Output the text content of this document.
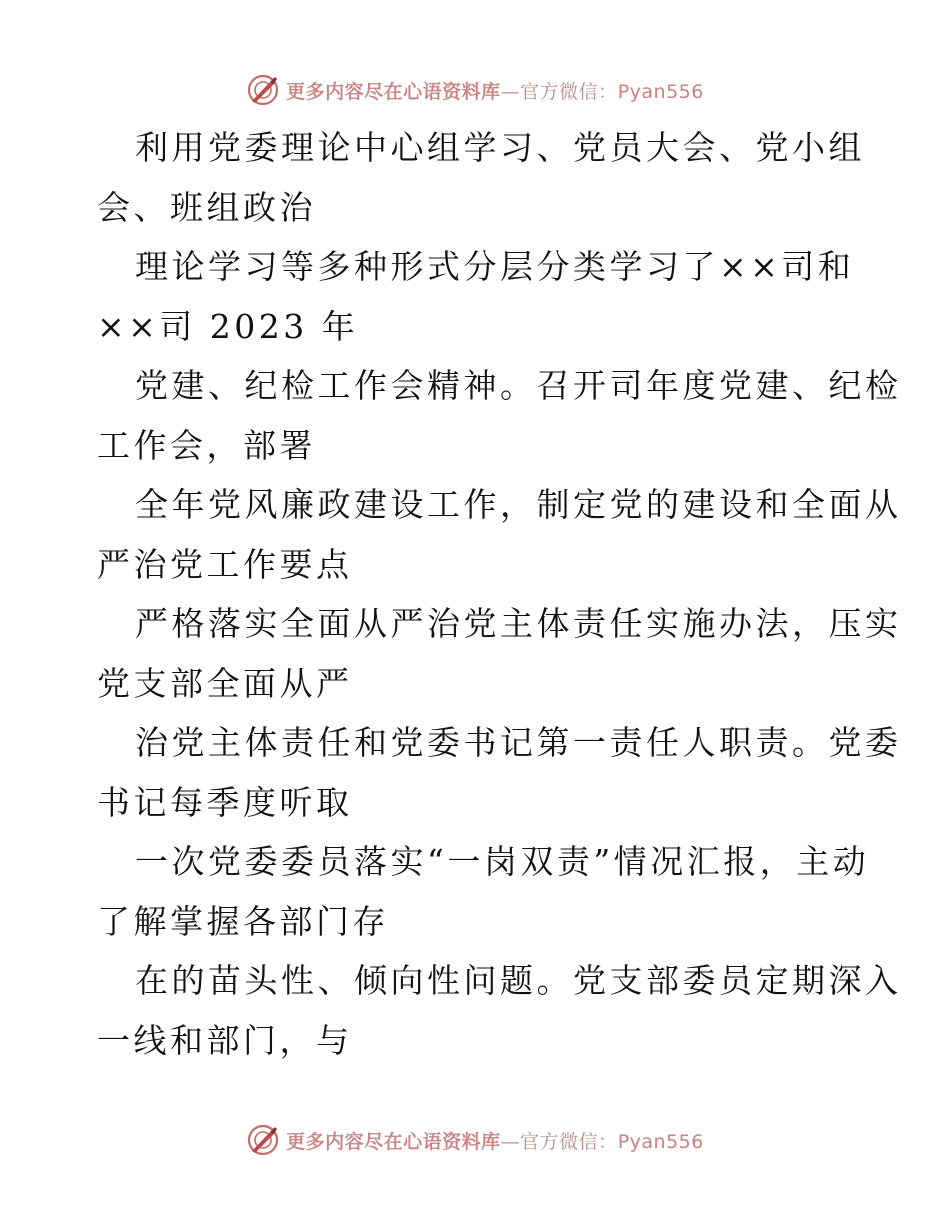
更多内容尽在心语资料库—官方微信：Pyan556
利用党委理论中心组学习、党员大会、党小组
会、班组政治
理论学习等多种形式分层分类学习了××司和
××司 2023 年
党建、纪检工作会精神。召开司年度党建、纪检
工作会，部署
全年党风廉政建设工作，制定党的建设和全面从
严治党工作要点
严格落实全面从严治党主体责任实施办法，压实
党支部全面从严
治党主体责任和党委书记第一责任人职责。党委
书记每季度听取
一次党委委员落实“一岗双责”情况汇报，主动
了解掌握各部门存
在的苗头性、倾向性问题。党支部委员定期深入
一线和部门，与
更多内容尽在心语资料库—官方微信：Pyan556
